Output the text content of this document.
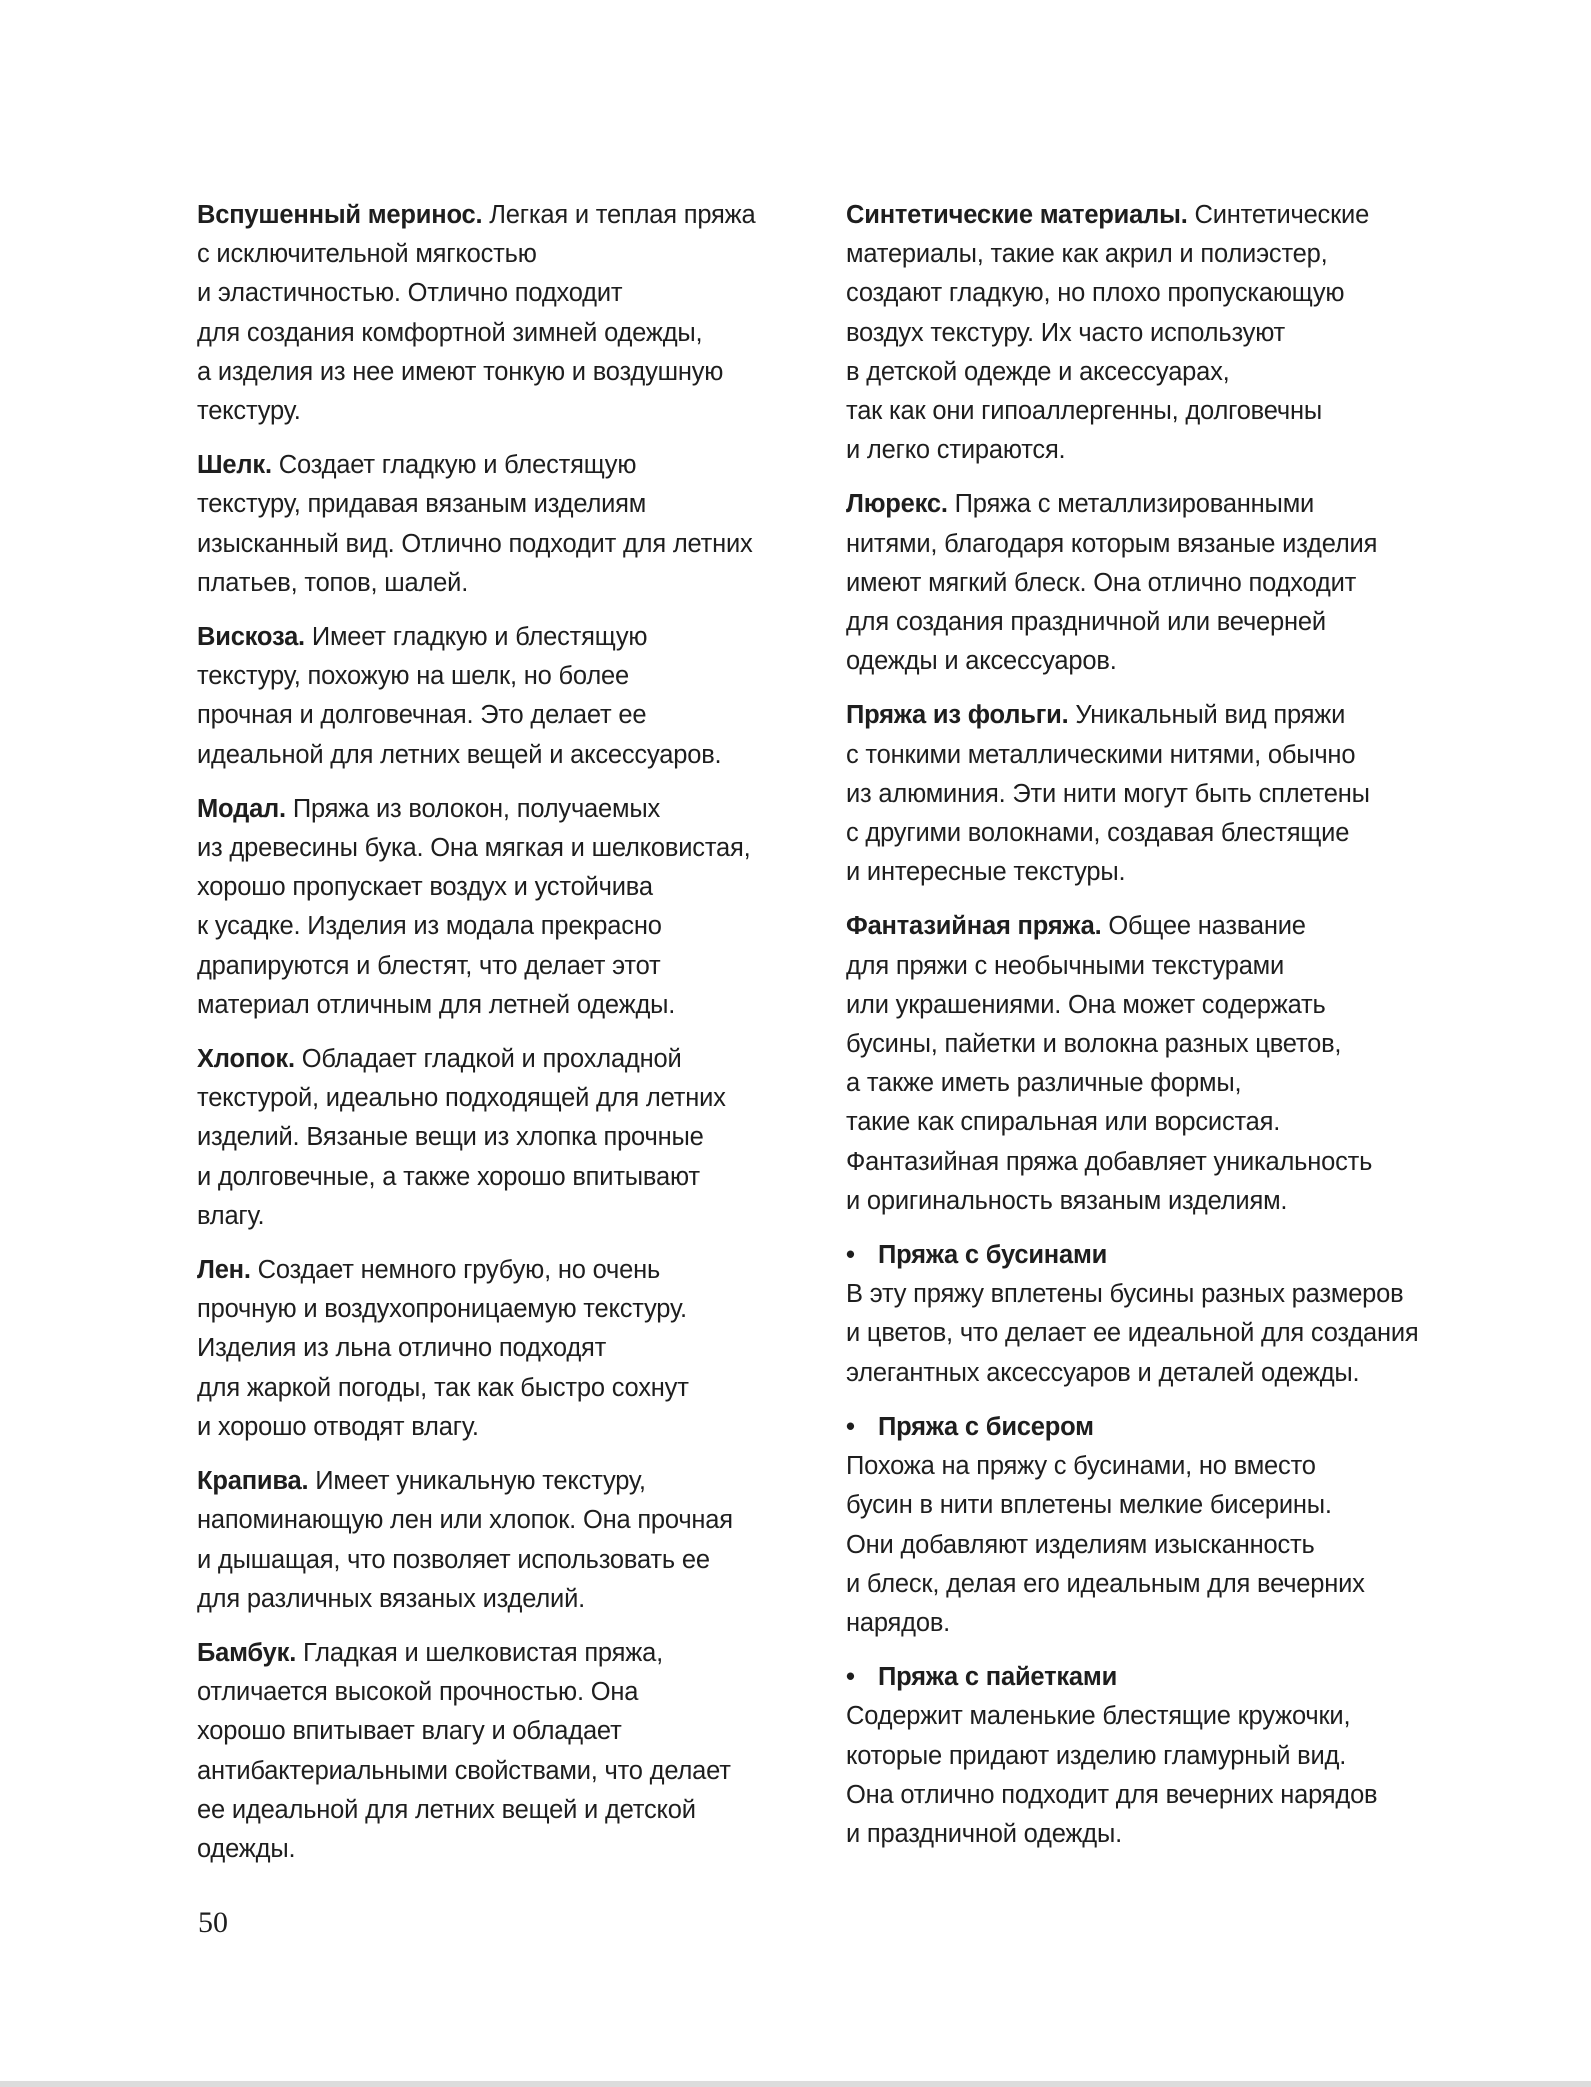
Вспушенный меринос. Легкая и теплая пряжа
с исключительной мягкостью
и эластичностью. Отлично подходит
для создания комфортной зимней одежды,
а изделия из нее имеют тонкую и воздушную
текстуру.

Шелк. Создает гладкую и блестящую
текстуру, придавая вязаным изделиям
изысканный вид. Отлично подходит для летних
платьев, топов, шалей.

Вискоза. Имеет гладкую и блестящую
текстуру, похожую на шелк, но более
прочная и долговечная. Это делает ее
идеальной для летних вещей и аксессуаров.

Модал. Пряжа из волокон, получаемых
из древесины бука. Она мягкая и шелковистая,
хорошо пропускает воздух и устойчива
к усадке. Изделия из модала прекрасно
драпируются и блестят, что делает этот
материал отличным для летней одежды.

Хлопок. Обладает гладкой и прохладной
текстурой, идеально подходящей для летних
изделий. Вязаные вещи из хлопка прочные
и долговечные, а также хорошо впитывают
влагу.

Лен. Создает немного грубую, но очень
прочную и воздухопроницаемую текстуру.
Изделия из льна отлично подходят
для жаркой погоды, так как быстро сохнут
и хорошо отводят влагу.

Крапива. Имеет уникальную текстуру,
напоминающую лен или хлопок. Она прочная
и дышащая, что позволяет использовать ее
для различных вязаных изделий.

Бамбук. Гладкая и шелковистая пряжа,
отличается высокой прочностью. Она
хорошо впитывает влагу и обладает
антибактериальными свойствами, что делает
ее идеальной для летних вещей и детской
одежды.

Синтетические материалы. Синтетические
материалы, такие как акрил и полиэстер,
создают гладкую, но плохо пропускающую
воздух текстуру. Их часто используют
в детской одежде и аксессуарах,
так как они гипоаллергенны, долговечны
и легко стираются.

Люрекс. Пряжа с металлизированными
нитями, благодаря которым вязаные изделия
имеют мягкий блеск. Она отлично подходит
для создания праздничной или вечерней
одежды и аксессуаров.

Пряжа из фольги. Уникальный вид пряжи
с тонкими металлическими нитями, обычно
из алюминия. Эти нити могут быть сплетены
с другими волокнами, создавая блестящие
и интересные текстуры.

Фантазийная пряжа. Общее название
для пряжи с необычными текстурами
или украшениями. Она может содержать
бусины, пайетки и волокна разных цветов,
а также иметь различные формы,
такие как спиральная или ворсистая.
Фантазийная пряжа добавляет уникальность
и оригинальность вязаным изделиям.

• Пряжа с бусинами
В эту пряжу вплетены бусины разных размеров
и цветов, что делает ее идеальной для создания
элегантных аксессуаров и деталей одежды.

• Пряжа с бисером
Похожа на пряжу с бусинами, но вместо
бусин в нити вплетены мелкие бисерины.
Они добавляют изделиям изысканность
и блеск, делая его идеальным для вечерних
нарядов.

• Пряжа с пайетками
Содержит маленькие блестящие кружочки,
которые придают изделию гламурный вид.
Она отлично подходит для вечерних нарядов
и праздничной одежды.

50
